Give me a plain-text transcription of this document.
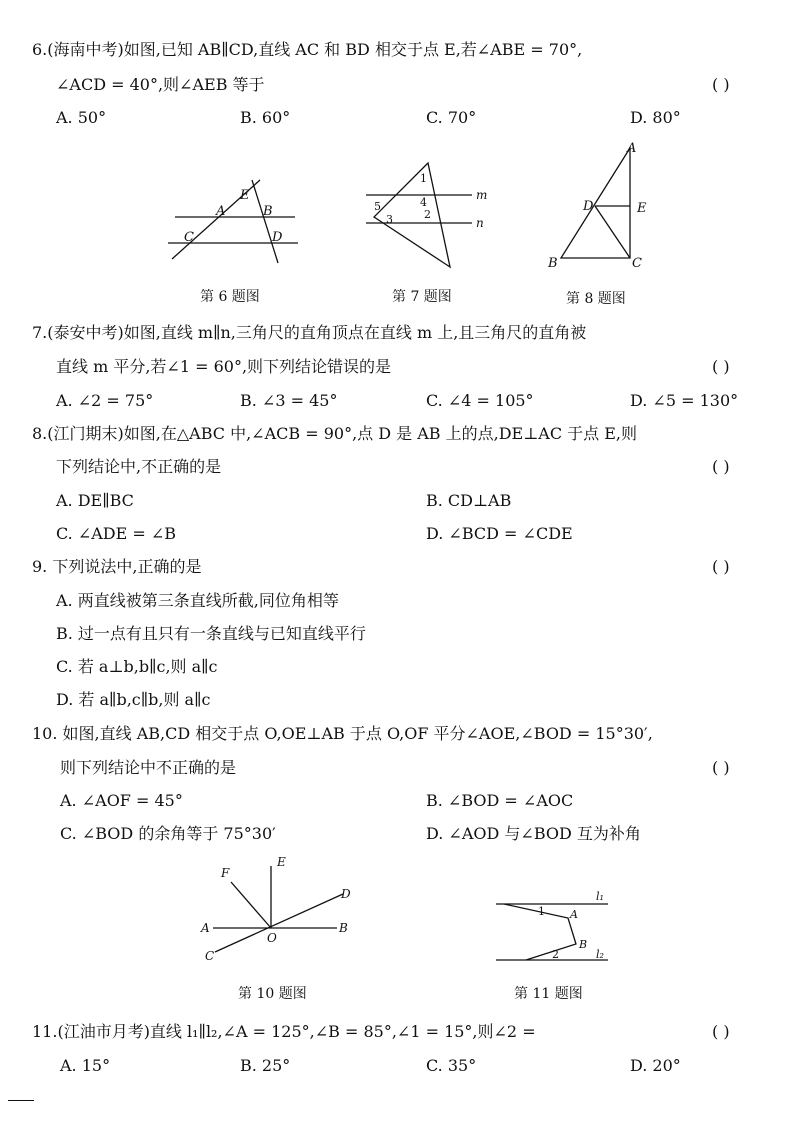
6.(海南中考)如图,已知 AB∥CD,直线 AC 和 BD 相交于点 E,若∠ABE = 70°,
∠ACD = 40°,则∠AEB 等于	( )
A. 50°	B. 60°	C. 70°	D. 80°
E
A	B
C	D
1
m
5	4
2
3	n
A
D	E
B	C
第 6 题图	第 7 题图	第 8 题图
7.(泰安中考)如图,直线 m∥n,三角尺的直角顶点在直线 m 上,且三角尺的直角被
直线 m 平分,若∠1 = 60°,则下列结论错误的是	( )
A. ∠2 = 75°	B. ∠3 = 45°	C. ∠4 = 105°	D. ∠5 = 130°
8.(江门期末)如图,在△ABC 中,∠ACB = 90°,点 D 是 AB 上的点,DE⊥AC 于点 E,则
下列结论中,不正确的是	( )
A. DE∥BC	B. CD⊥AB
C. ∠ADE = ∠B	D. ∠BCD = ∠CDE
9. 下列说法中,正确的是	( )
A. 两直线被第三条直线所截,同位角相等
B. 过一点有且只有一条直线与已知直线平行
C. 若 a⊥b,b∥c,则 a∥c
D. 若 a∥b,c∥b,则 a∥c
10. 如图,直线 AB,CD 相交于点 O,OE⊥AB 于点 O,OF 平分∠AOE,∠BOD = 15°30′,
则下列结论中不正确的是	( )
A. ∠AOF = 45°	B. ∠BOD = ∠AOC
C. ∠BOD 的余角等于 75°30′	D. ∠AOD 与∠BOD 互为补角
F
E
D
A
O
B
C
l₁
1 A
B
2	l₂
第 10 题图	第 11 题图
11.(江油市月考)直线 l₁∥l₂,∠A = 125°,∠B = 85°,∠1 = 15°,则∠2 =	( )
A. 15°	B. 25°	C. 35°	D. 20°
